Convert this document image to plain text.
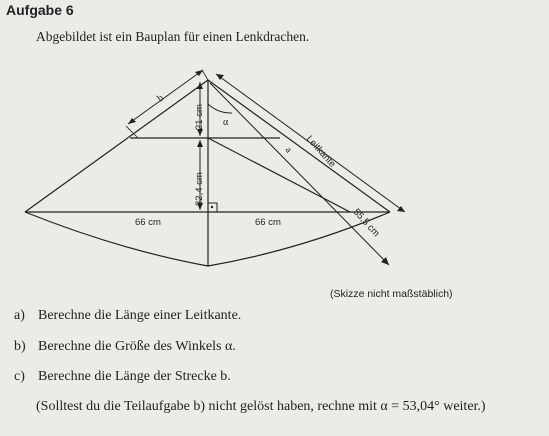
Aufgabe 6
Abgebildet ist ein Bauplan für einen Lenkdrachen.
α
b
21 cm
32,4 cm
a Leitkante
55,5 cm
66 cm	66 cm
(Skizze nicht maßstäblich)
a) Berechne die Länge einer Leitkante.
b) Berechne die Größe des Winkels α.
c) Berechne die Länge der Strecke b.
(Solltest du die Teilaufgabe b) nicht gelöst haben, rechne mit α = 53,04° weiter.)
